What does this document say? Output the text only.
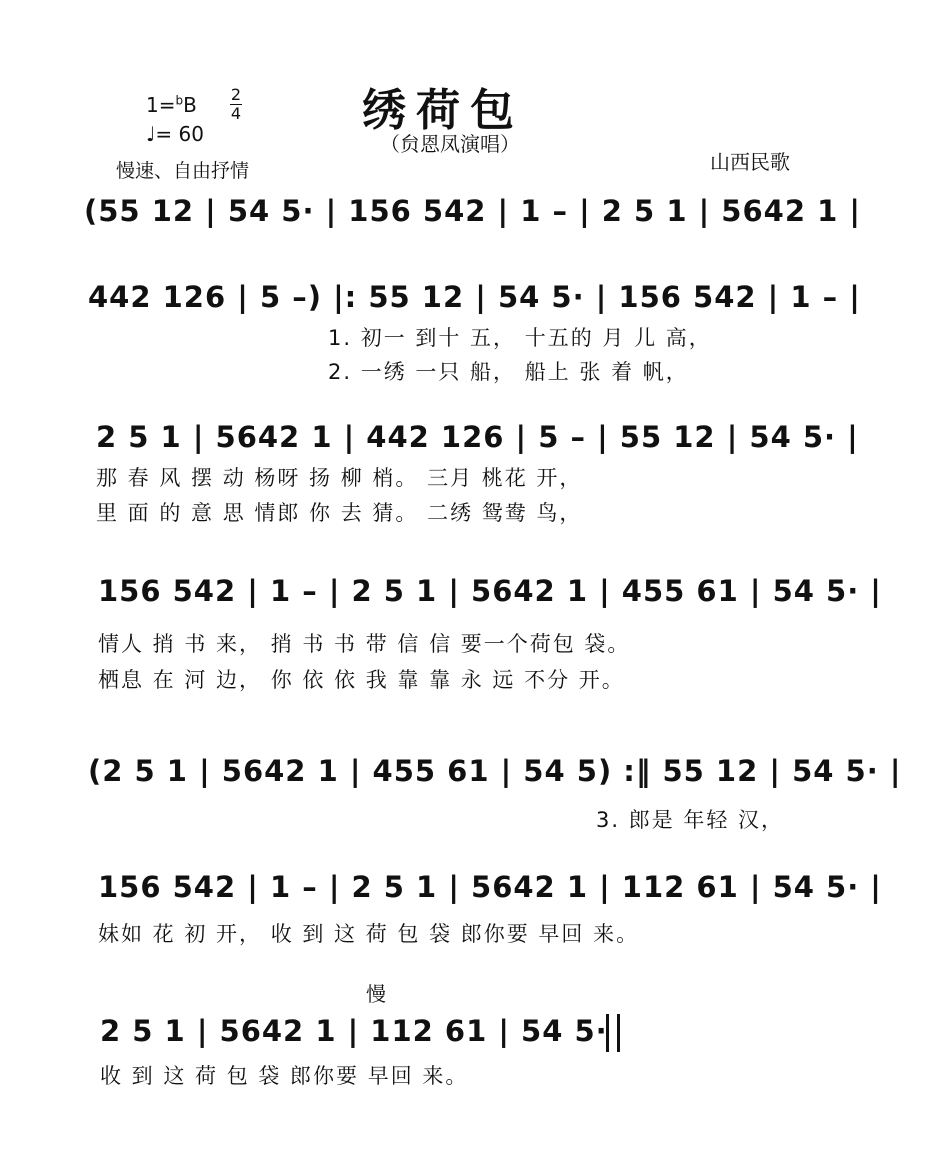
绣荷包
（贠恩凤演唱）
1=$^b$B 2
4
♩= 60
慢速、自由抒情	山西民歌
(55 12 | 54 5· | 156 542 | 1 – | 2 5 1 | 5642 1 |
442 126 | 5 –) |: 55 12 | 54 5· | 156 542 | 1 – |
1. 初一 到十 五， 十五的 月 儿 高，
2. 一绣 一只 船， 船上 张 着 帆，
2 5 1 | 5642 1 | 442 126 | 5 – | 55 12 | 54 5· |
那 春 风 摆 动 杨呀 扬 柳 梢。 三月 桃花 开，
里 面 的 意 思 情郎 你 去 猜。 二绣 鸳鸯 鸟，
156 542 | 1 – | 2 5 1 | 5642 1 | 455 61 | 54 5· |
情人 捎 书 来， 捎 书 书 带 信 信 要一个荷包 袋。
栖息 在 河 边， 你 依 依 我 靠 靠 永 远 不分 开。
(2 5 1 | 5642 1 | 455 61 | 54 5) :‖ 55 12 | 54 5· |
3. 郎是 年轻 汉，
156 542 | 1 – | 2 5 1 | 5642 1 | 112 61 | 54 5· |
妹如 花 初 开， 收 到 这 荷 包 袋 郎你要 早回 来。
慢
2 5 1 | 5642 1 | 112 61 | 54 5·
收 到 这 荷 包 袋 郎你要 早回 来。
